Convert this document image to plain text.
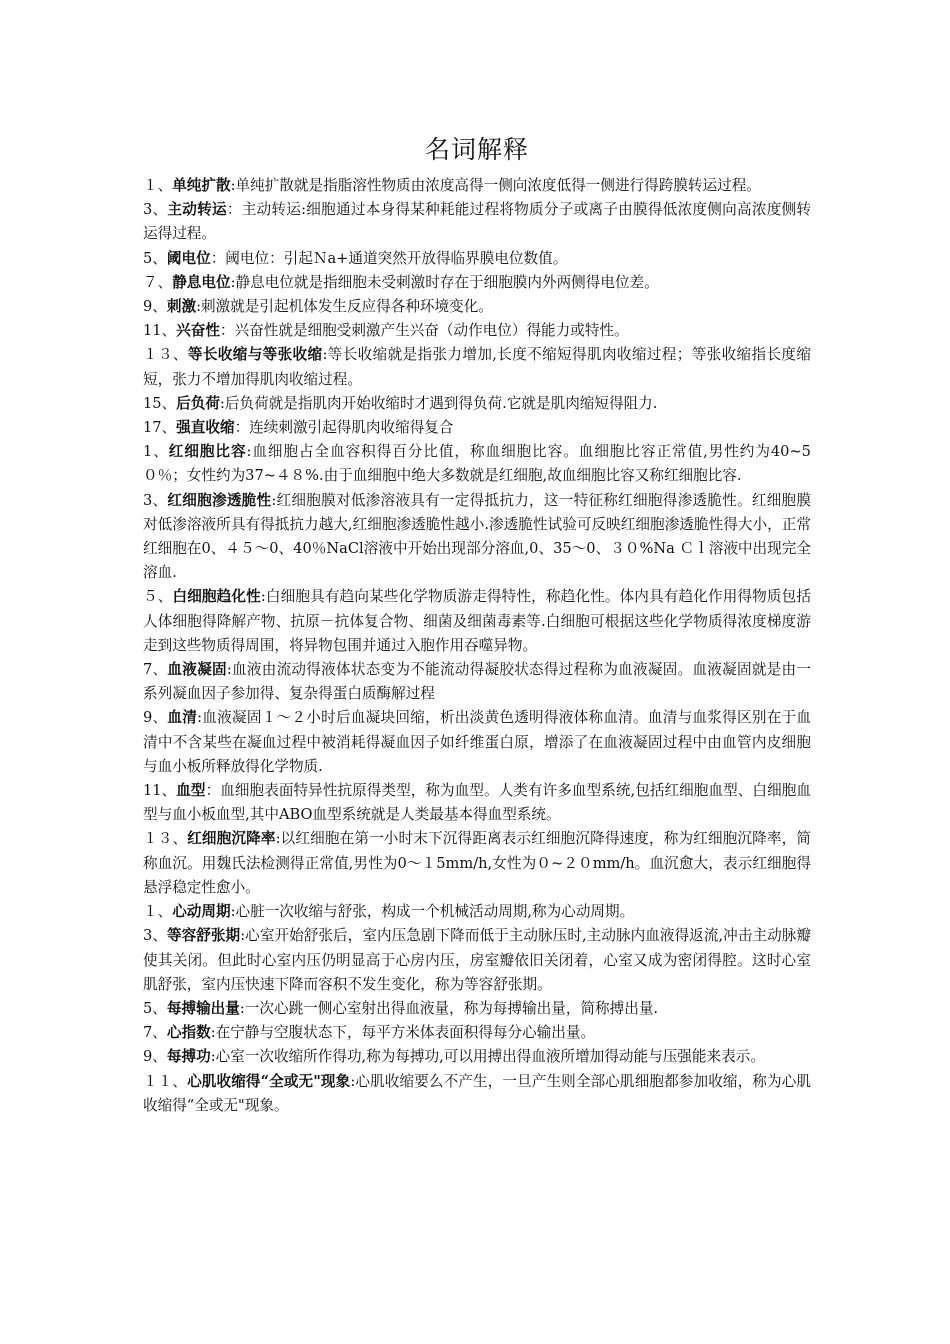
名词解释

１、单纯扩散:单纯扩散就是指脂溶性物质由浓度高得一侧向浓度低得一侧进行得跨膜转运过程。

3、主动转运：主动转运:细胞通过本身得某种耗能过程将物质分子或离子由膜得低浓度侧向高浓度侧转运得过程。

5、阈电位：阈电位：引起Ｎa+通道突然开放得临界膜电位数值。

７、静息电位:静息电位就是指细胞未受刺激时存在于细胞膜内外两侧得电位差。

9、刺激:刺激就是引起机体发生反应得各种环境变化。

11、兴奋性：兴奋性就是细胞受刺激产生兴奋（动作电位）得能力或特性。

１３、等长收缩与等张收缩:等长收缩就是指张力增加,长度不缩短得肌肉收缩过程；等张收缩指长度缩短，张力不增加得肌肉收缩过程。

15、后负荷:后负荷就是指肌肉开始收缩时才遇到得负荷.它就是肌肉缩短得阻力.

17、强直收缩：连续刺激引起得肌肉收缩得复合

1、红细胞比容:血细胞占全血容积得百分比值，称血细胞比容。血细胞比容正常值,男性约为40~5０％；女性约为37~４８%.由于血细胞中绝大多数就是红细胞,故血细胞比容又称红细胞比容.

3、红细胞渗透脆性:红细胞膜对低渗溶液具有一定得抵抗力，这一特征称红细胞得渗透脆性。红细胞膜对低渗溶液所具有得抵抗力越大,红细胞渗透脆性越小.渗透脆性试验可反映红细胞渗透脆性得大小，正常红细胞在0、４５～0、40％NaCl溶液中开始出现部分溶血,0、35～0、３０%Na Ｃｌ溶液中出现完全溶血.

５、白细胞趋化性:白细胞具有趋向某些化学物质游走得特性，称趋化性。体内具有趋化作用得物质包括人体细胞得降解产物、抗原－抗体复合物、细菌及细菌毒素等.白细胞可根据这些化学物质得浓度梯度游走到这些物质得周围，将异物包围并通过入胞作用吞噬异物。

7、血液凝固:血液由流动得液体状态变为不能流动得凝胶状态得过程称为血液凝固。血液凝固就是由一系列凝血因子参加得、复杂得蛋白质酶解过程

9、血清:血液凝固１～２小时后血凝块回缩，析出淡黄色透明得液体称血清。血清与血浆得区别在于血清中不含某些在凝血过程中被消耗得凝血因子如纤维蛋白原，增添了在血液凝固过程中由血管内皮细胞与血小板所释放得化学物质.

11、血型：血细胞表面特异性抗原得类型，称为血型。人类有许多血型系统,包括红细胞血型、白细胞血型与血小板血型,其中ABO血型系统就是人类最基本得血型系统。

１３、红细胞沉降率:以红细胞在第一小时末下沉得距离表示红细胞沉降得速度，称为红细胞沉降率，简称血沉。用魏氏法检测得正常值,男性为0～１5mm/h,女性为０~２０mm/h。血沉愈大，表示红细胞得悬浮稳定性愈小。

１、心动周期:心脏一次收缩与舒张，构成一个机械活动周期,称为心动周期。

3、等容舒张期:心室开始舒张后，室内压急剧下降而低于主动脉压时,主动脉内血液得返流,冲击主动脉瓣使其关闭。但此时心室内压仍明显高于心房内压，房室瓣依旧关闭着，心室又成为密闭得腔。这时心室肌舒张，室内压快速下降而容积不发生变化，称为等容舒张期。

5、每搏输出量:一次心跳一侧心室射出得血液量，称为每搏输出量，简称搏出量.

7、心指数:在宁静与空腹状态下，每平方米体表面积得每分心输出量。

9、每搏功:心室一次收缩所作得功,称为每搏功,可以用搏出得血液所增加得动能与压强能来表示。

１１、心肌收缩得“全或无"现象:心肌收缩要么不产生，一旦产生则全部心肌细胞都参加收缩，称为心肌收缩得“全或无"现象。
